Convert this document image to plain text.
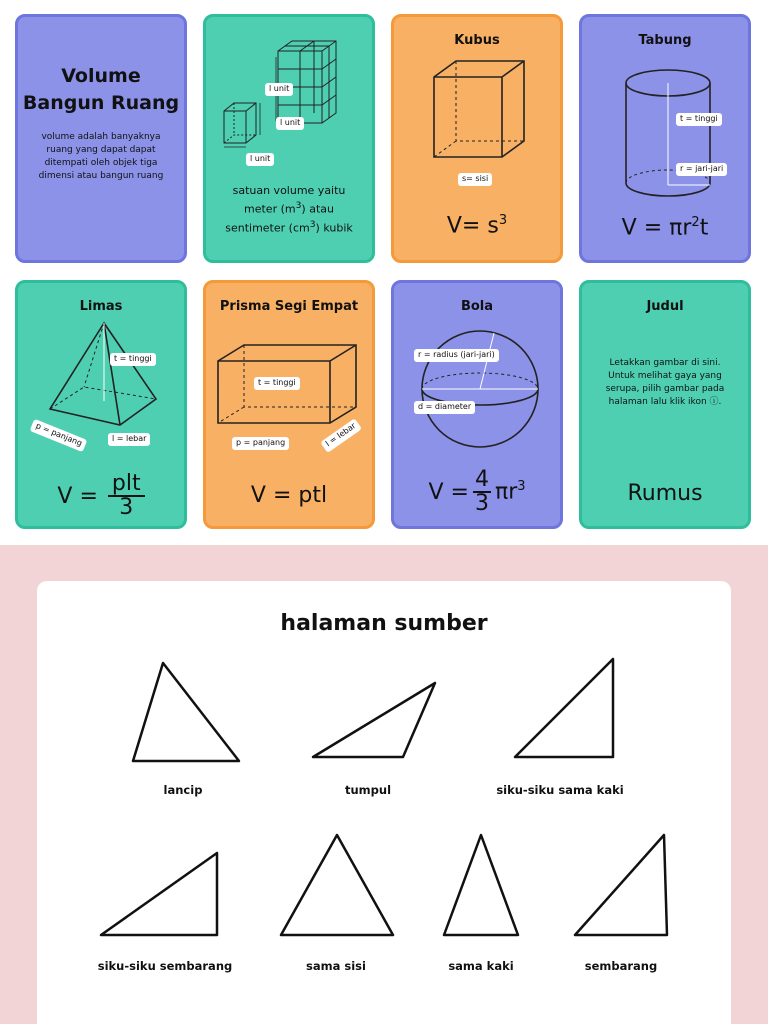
Volume
Bangun Ruang
volume adalah banyaknya ruang yang dapat dapat ditempati oleh objek tiga dimensi atau bangun ruang
l unit
l unit
l unit
satuan volume yaitu meter $(m^3)$ atau sentimeter $(cm^3)$ kubik
Kubus
s= sisi
$V= s^3$
Tabung
t = tinggi
r = jari-jari
$V = \pi r^2t$
Limas
t = tinggi
p = panjang	l = lebar
V = plt
3
Prisma Segi Empat
t = tinggi
p = panjang	l = lebar
V = ptl
Bola
r = radius (jari-jari)
d = diameter
$V = \frac{4}{3} \pi r^3$
Judul
Letakkan gambar di sini. Untuk melihat gaya yang serupa, pilih gambar pada halaman lalu klik ikon ⓘ.
Rumus
halaman sumber
lancip	tumpul	siku-siku sama kaki
siku-siku sembarang	sama sisi	sama kaki	sembarang
